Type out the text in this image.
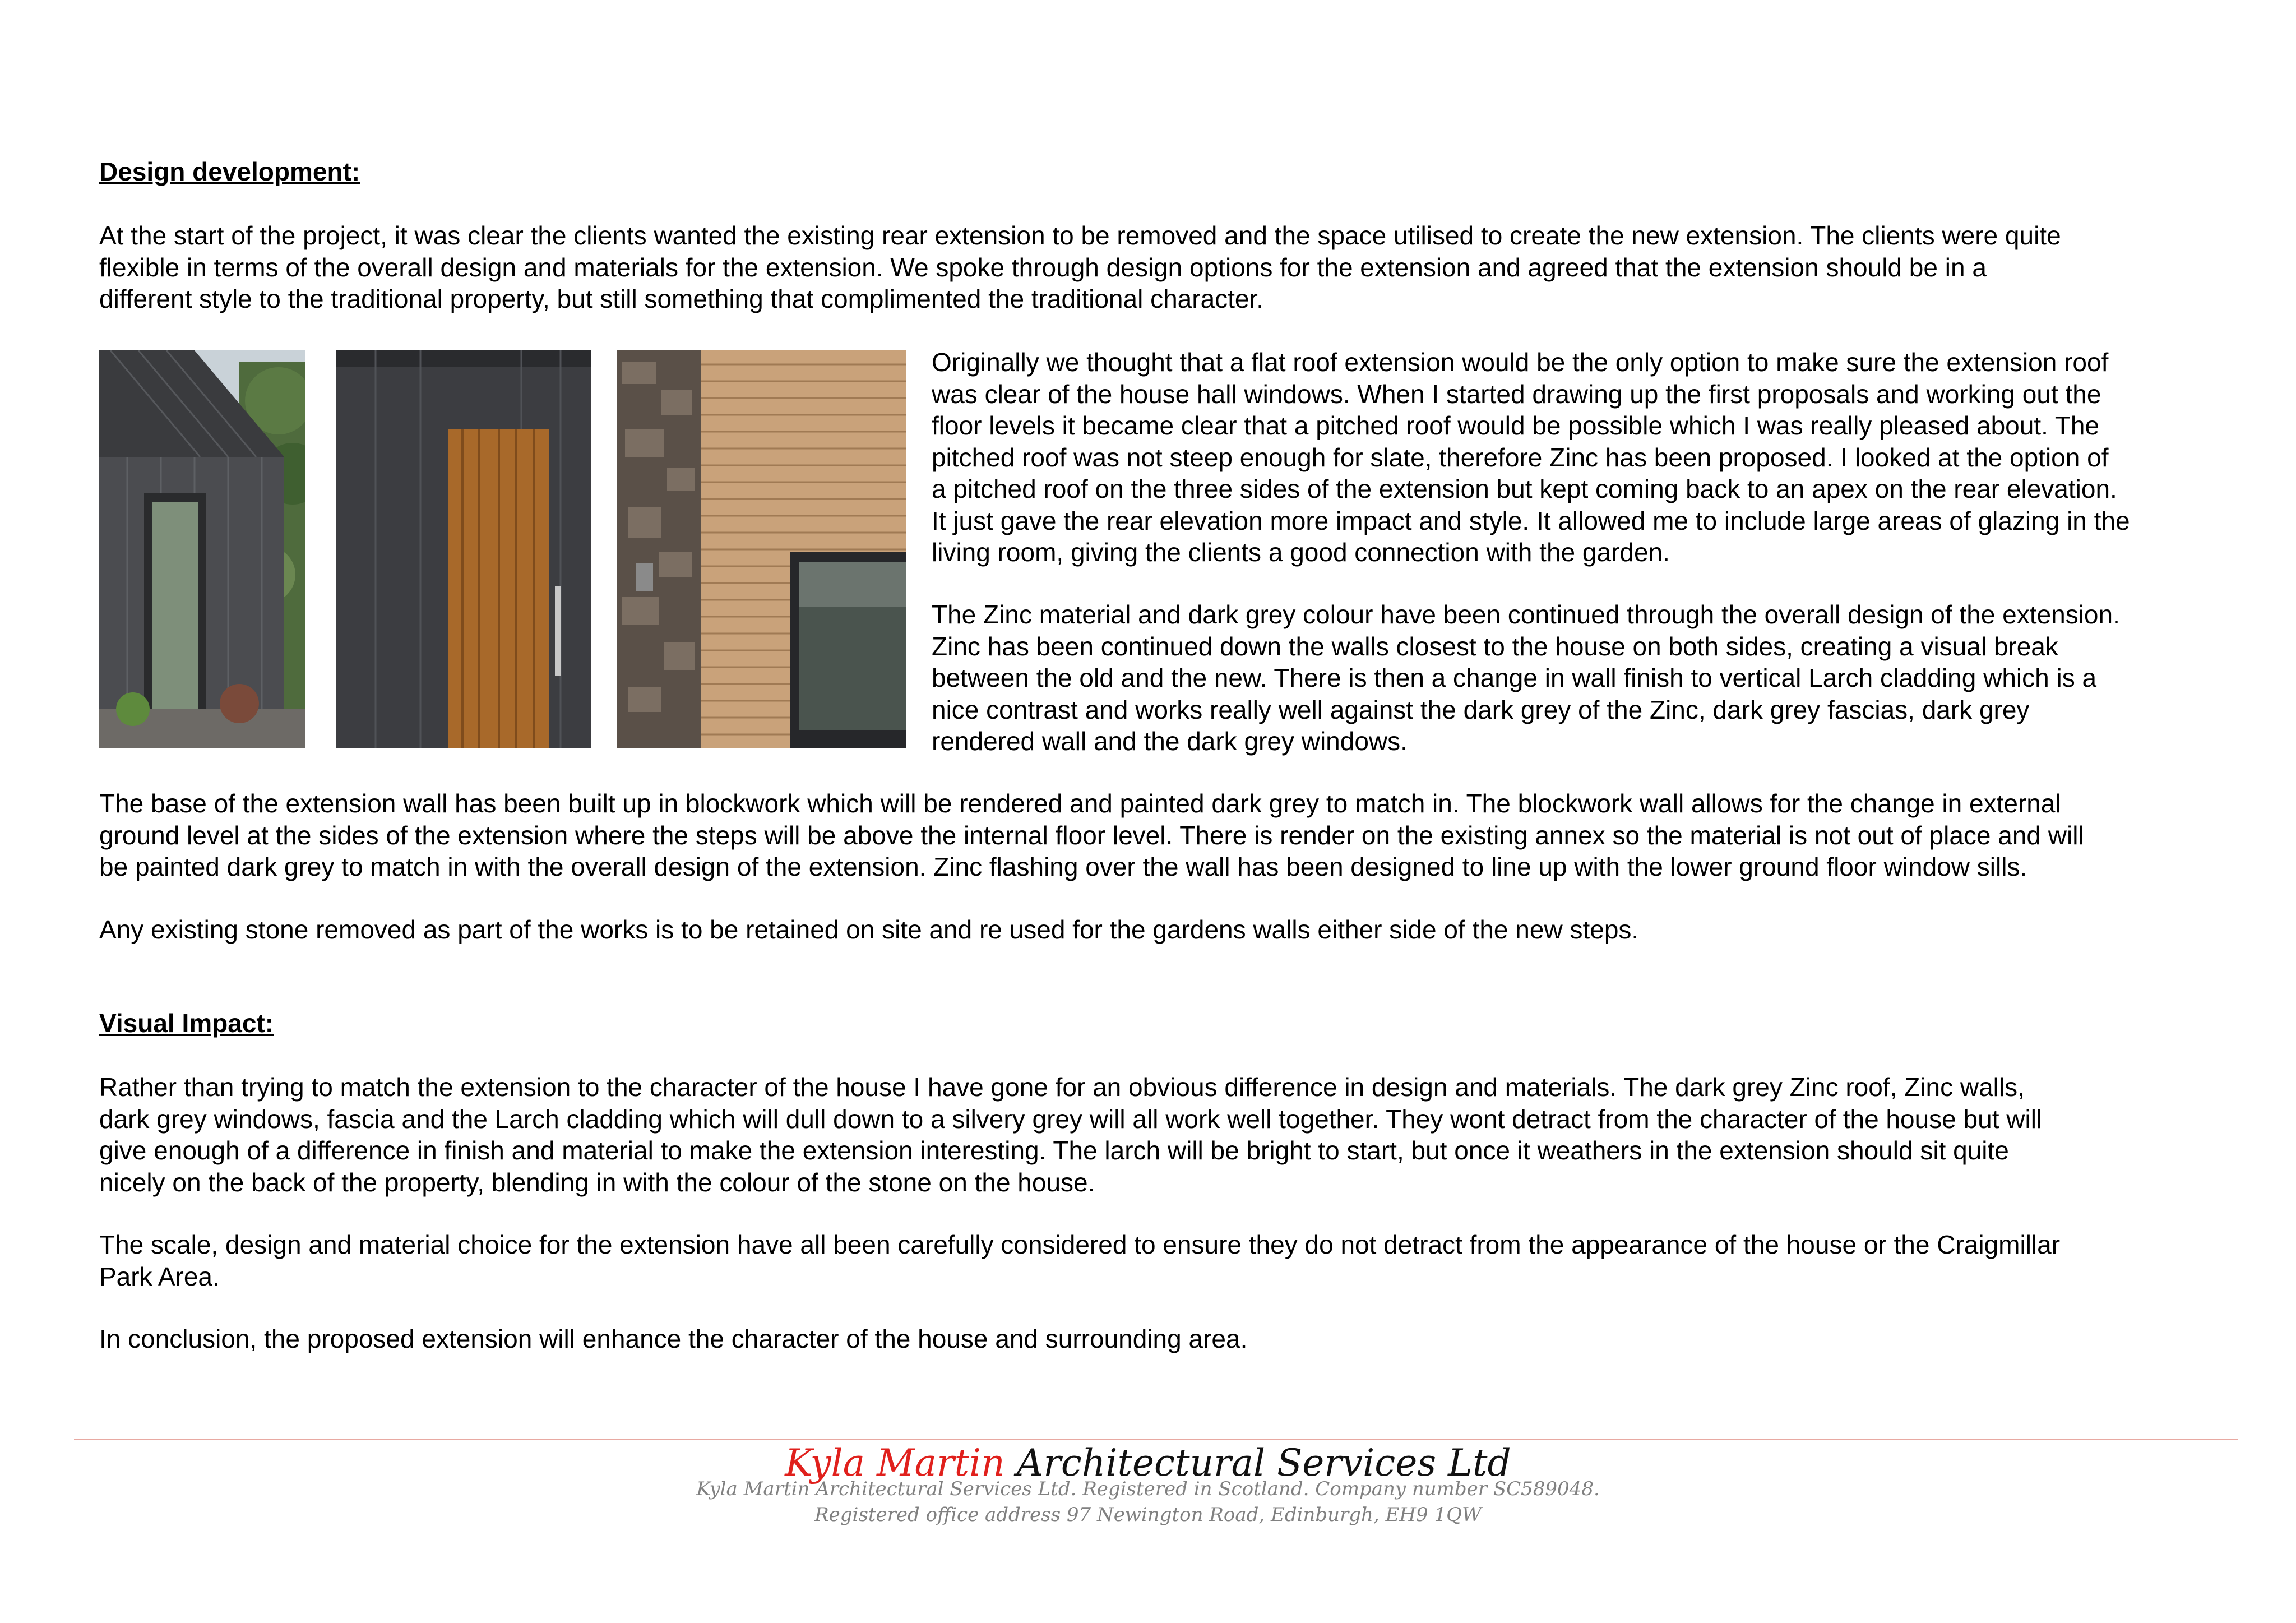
Design development:
At the start of the project, it was clear the clients wanted the existing rear extension to be removed and the space utilised to create the new extension. The clients were quite
flexible in terms of the overall design and materials for the extension. We spoke through design options for the extension and agreed that the extension should be in a
different style to the traditional property, but still something that complimented the traditional character.
Originally we thought that a flat roof extension would be the only option to make sure the extension roof
was clear of the house hall windows. When I started drawing up the first proposals and working out the
floor levels it became clear that a pitched roof would be possible which I was really pleased about. The
pitched roof was not steep enough for slate, therefore Zinc has been proposed. I looked at the option of
a pitched roof on the three sides of the extension but kept coming back to an apex on the rear elevation.
It just gave the rear elevation more impact and style. It allowed me to include large areas of glazing in the
living room, giving the clients a good connection with the garden.
The Zinc material and dark grey colour have been continued through the overall design of the extension.
Zinc has been continued down the walls closest to the house on both sides, creating a visual break
between the old and the new. There is then a change in wall finish to vertical Larch cladding which is a
nice contrast and works really well against the dark grey of the Zinc, dark grey fascias, dark grey
rendered wall and the dark grey windows.
The base of the extension wall has been built up in blockwork which will be rendered and painted dark grey to match in. The blockwork wall allows for the change in external
ground level at the sides of the extension where the steps will be above the internal floor level. There is render on the existing annex so the material is not out of place and will
be painted dark grey to match in with the overall design of the extension. Zinc flashing over the wall has been designed to line up with the lower ground floor window sills.
Any existing stone removed as part of the works is to be retained on site and re used for the gardens walls either side of the new steps.
Visual Impact:
Rather than trying to match the extension to the character of the house I have gone for an obvious difference in design and materials. The dark grey Zinc roof, Zinc walls,
dark grey windows, fascia and the Larch cladding which will dull down to a silvery grey will all work well together. They wont detract from the character of the house but will
give enough of a difference in finish and material to make the extension interesting. The larch will be bright to start, but once it weathers in the extension should sit quite
nicely on the back of the property, blending in with the colour of the stone on the house.
The scale, design and material choice for the extension have all been carefully considered to ensure they do not detract from the appearance of the house or the Craigmillar
Park Area.
In conclusion, the proposed extension will enhance the character of the house and surrounding area.
Kyla Martin Architectural Services Ltd
Kyla Martin Architectural Services Ltd. Registered in Scotland. Company number SC589048.
Registered office address 97 Newington Road, Edinburgh, EH9 1QW
